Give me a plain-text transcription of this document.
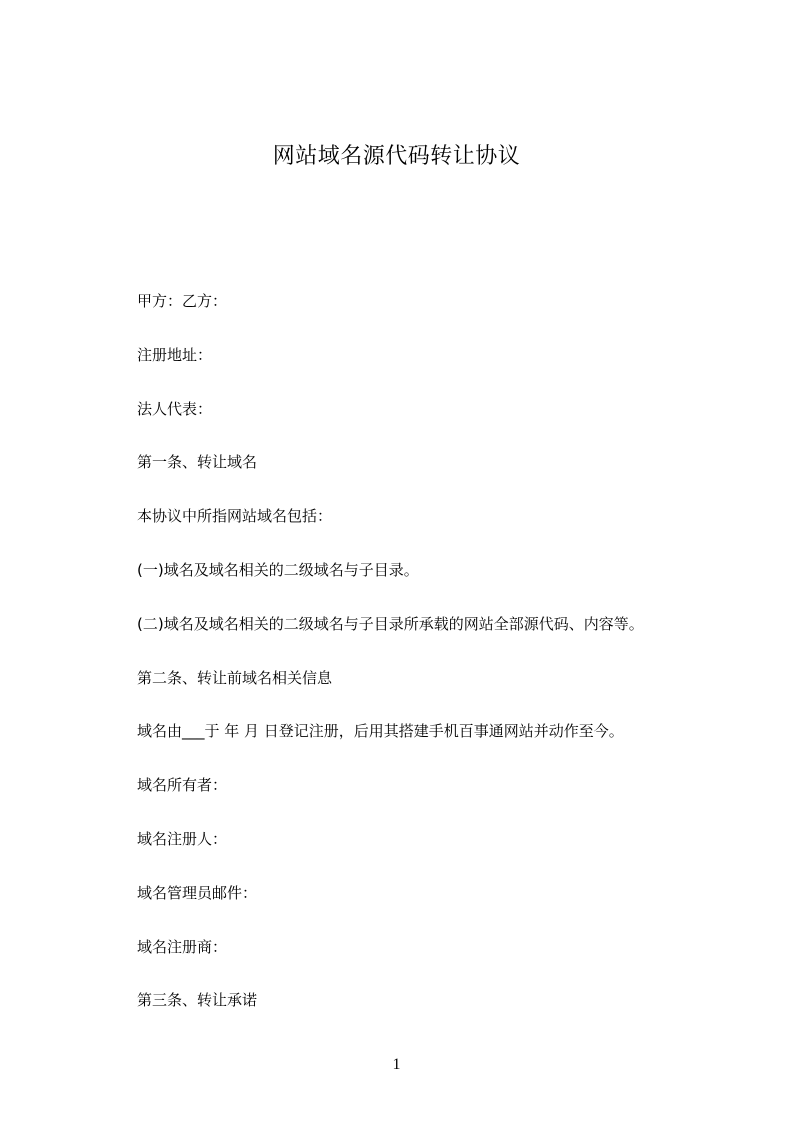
网站域名源代码转让协议
甲方：乙方：
注册地址：
法人代表：
第一条、转让域名
本协议中所指网站域名包括：
(一)域名及域名相关的二级域名与子目录。
(二)域名及域名相关的二级域名与子目录所承载的网站全部源代码、内容等。
第二条、转让前域名相关信息
域名由___于 年 月 日登记注册，后用其搭建手机百事通网站并动作至今。
域名所有者：
域名注册人：
域名管理员邮件：
域名注册商：
第三条、转让承诺
1
